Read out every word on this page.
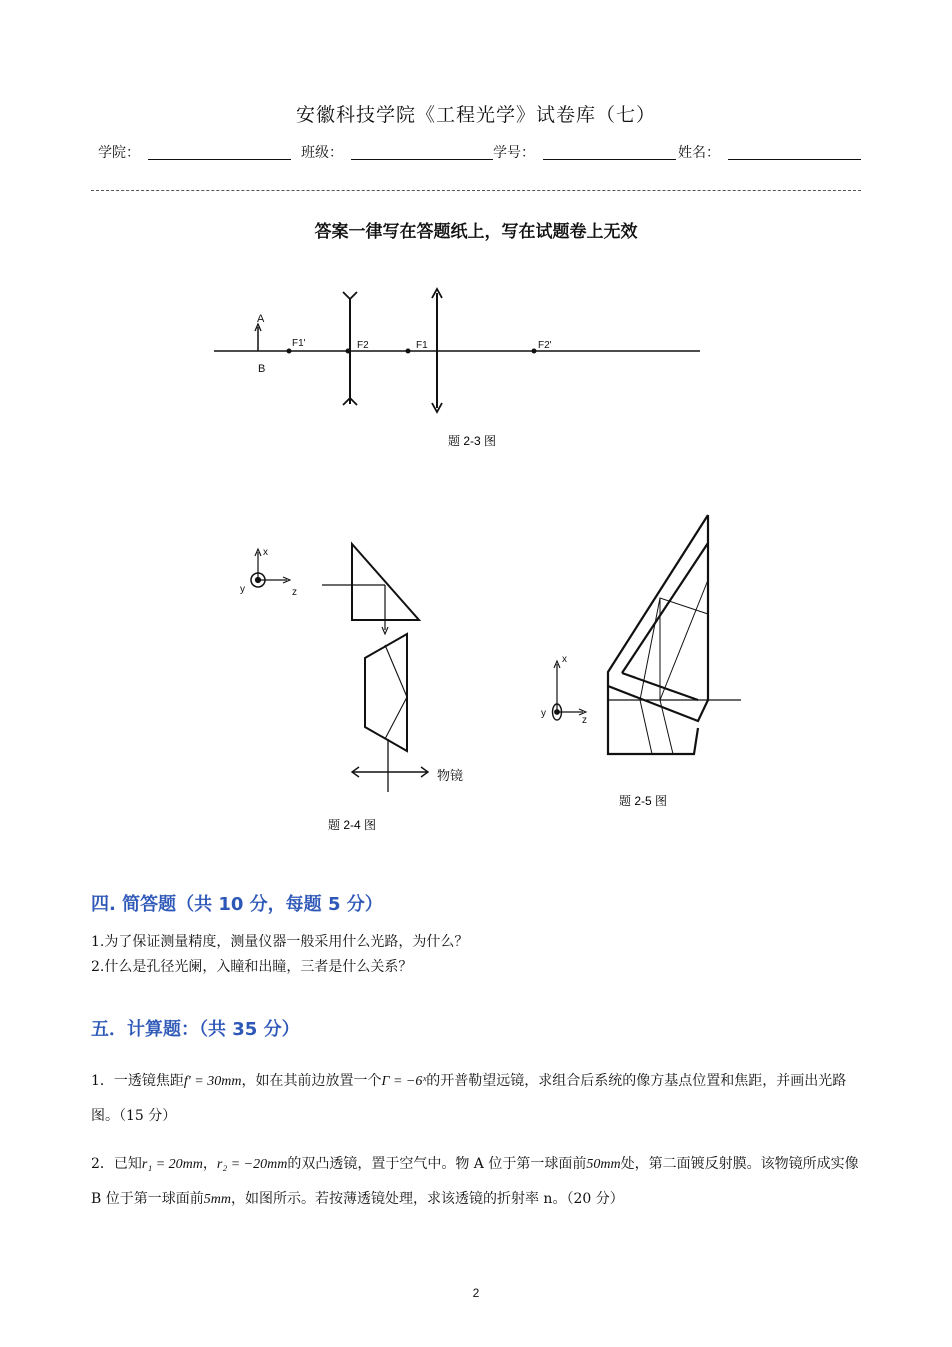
安徽科技学院《工程光学》试卷库（七）
学院：	班级：	学号：	姓名：
答案一律写在答题纸上，写在试题卷上无效
A
B
F1'	F2	F1	F2'
题 2-3 图
x
y	z
物镜
题 2-4 图
x
y
z
题 2-5 图
四. 简答题（共 10 分，每题 5 分）
1.为了保证测量精度，测量仪器一般采用什么光路，为什么？
2.什么是孔径光阑，入瞳和出瞳，三者是什么关系？
五．计算题：（共 35 分）
1．一透镜焦距f' = 30mm，如在其前边放置一个Γ = −6ˣ的开普勒望远镜，求组合后系统的像方基点位置和焦距，并画出光路图。（15 分）
2．已知r₁ = 20mm，r₂ = −20mm的双凸透镜，置于空气中。物 A 位于第一球面前50mm处，第二面镀反射膜。该物镜所成实像 B 位于第一球面前5mm，如图所示。若按薄透镜处理，求该透镜的折射率 n。（20 分）
2
